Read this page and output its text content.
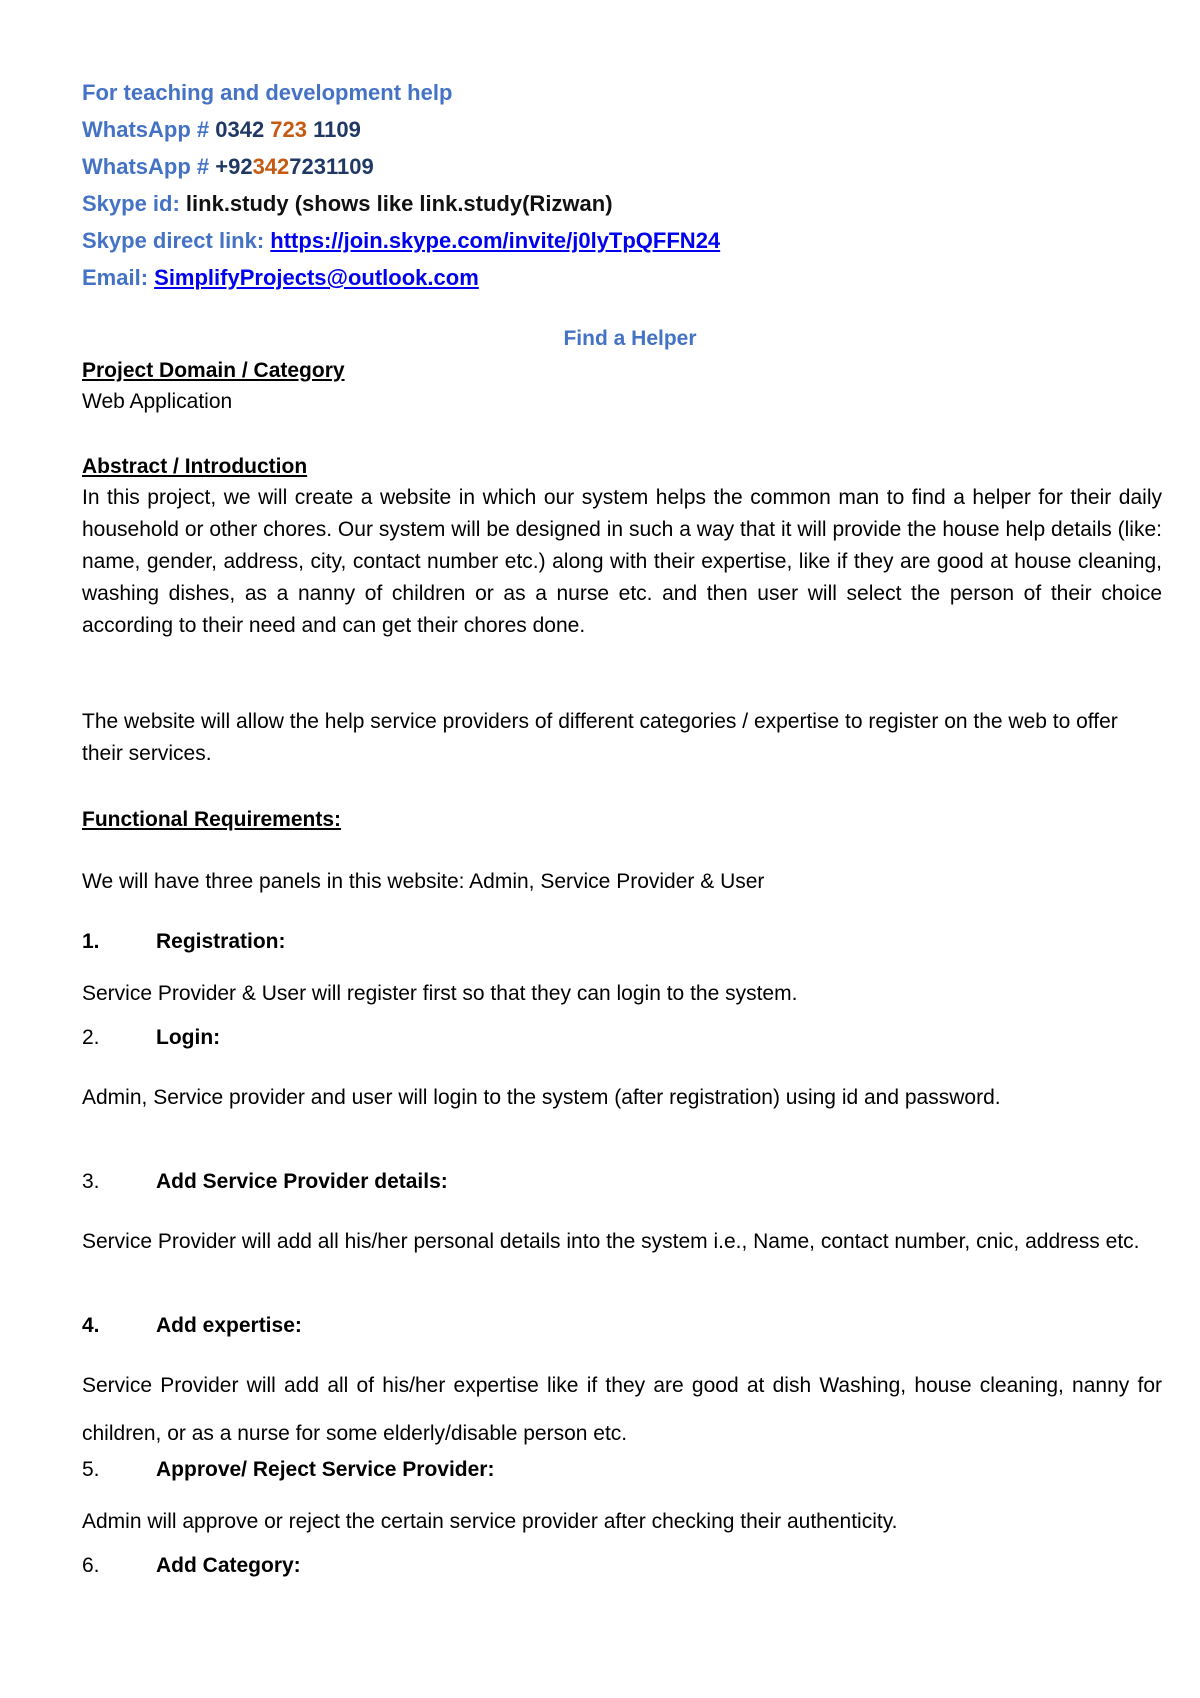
For teaching and development help
WhatsApp # 0342 723 1109
WhatsApp # +923427231109
Skype id: link.study (shows like link.study(Rizwan)
Skype direct link: https://join.skype.com/invite/j0lyTpQFFN24
Email: SimplifyProjects@outlook.com
Find a Helper
Project Domain / Category
Web Application
Abstract / Introduction
In this project, we will create a website in which our system helps the common man to find a helper for their daily household or other chores. Our system will be designed in such a way that it will provide the house help details (like: name, gender, address, city, contact number etc.) along with their expertise, like if they are good at house cleaning, washing dishes, as a nanny of children or as a nurse etc. and then user will select the person of their choice according to their need and can get their chores done.
The website will allow the help service providers of different categories / expertise to register on the web to offer their services.
Functional Requirements:
We will have three panels in this website: Admin, Service Provider & User
1.	Registration:
Service Provider & User will register first so that they can login to the system.
2.	Login:
Admin, Service provider and user will login to the system (after registration) using id and password.
3.	Add Service Provider details:
Service Provider will add all his/her personal details into the system i.e., Name, contact number, cnic, address etc.
4.	Add expertise:
Service Provider will add all of his/her expertise like if they are good at dish Washing, house cleaning, nanny for children, or as a nurse for some elderly/disable person etc.
5.	Approve/ Reject Service Provider:
Admin will approve or reject the certain service provider after checking their authenticity.
6.	Add Category:
